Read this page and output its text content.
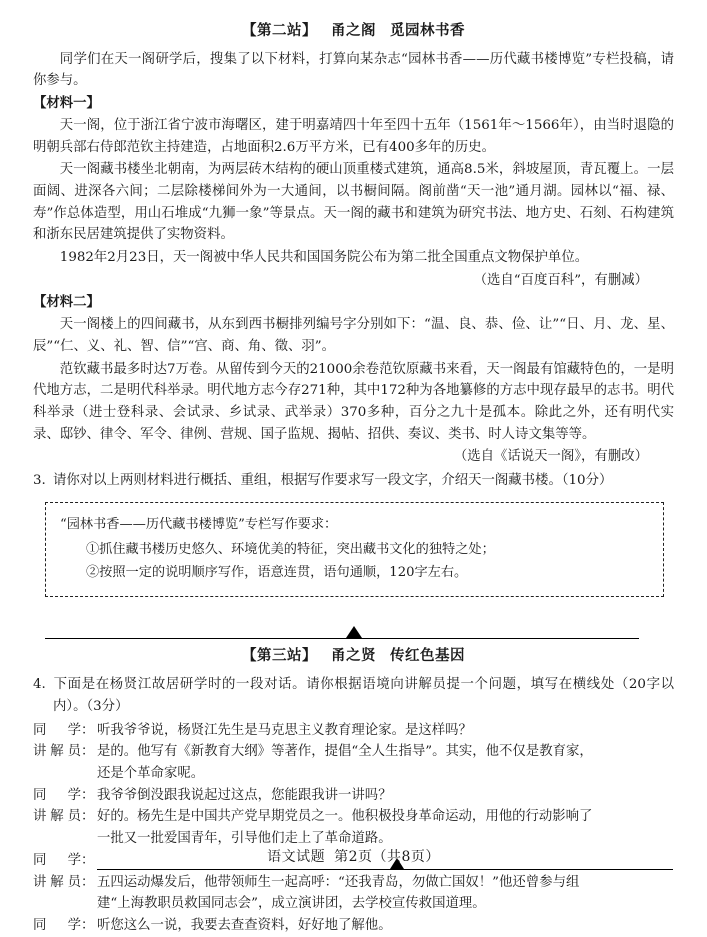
【第二站】 甬之阁 觅园林书香

同学们在天一阁研学后，搜集了以下材料，打算向某杂志“园林书香——历代藏书楼博览”专栏投稿，请你参与。

【材料一】

天一阁，位于浙江省宁波市海曙区，建于明嘉靖四十年至四十五年（1561年～1566年），由当时退隐的明朝兵部右侍郎范钦主持建造，占地面积2.6万平方米，已有400多年的历史。

天一阁藏书楼坐北朝南，为两层砖木结构的硬山顶重楼式建筑，通高8.5米，斜坡屋顶，青瓦覆上。一层面阔、进深各六间；二层除楼梯间外为一大通间，以书橱间隔。阁前凿“天一池”通月湖。园林以“福、禄、寿”作总体造型，用山石堆成“九狮一象”等景点。天一阁的藏书和建筑为研究书法、地方史、石刻、石构建筑和浙东民居建筑提供了实物资料。

1982年2月23日，天一阁被中华人民共和国国务院公布为第二批全国重点文物保护单位。

（选自“百度百科”，有删减）

【材料二】

天一阁楼上的四间藏书，从东到西书橱排列编号字分别如下：“温、良、恭、俭、让”“日、月、龙、星、辰”“仁、义、礼、智、信”“宫、商、角、徵、羽”。

范钦藏书最多时达7万卷。从留传到今天的21000余卷范钦原藏书来看，天一阁最有馆藏特色的，一是明代地方志，二是明代科举录。明代地方志今存271种，其中172种为各地纂修的方志中现存最早的志书。明代科举录（进士登科录、会试录、乡试录、武举录）370多种，百分之九十是孤本。除此之外，还有明代实录、邸钞、律令、军令、律例、营规、国子监规、揭帖、招供、奏议、类书、时人诗文集等等。

（选自《话说天一阁》，有删改）

3. 请你对以上两则材料进行概括、重组，根据写作要求写一段文字，介绍天一阁藏书楼。（10分）

“园林书香——历代藏书楼博览”专栏写作要求：

①抓住藏书楼历史悠久、环境优美的特征，突出藏书文化的独特之处；

②按照一定的说明顺序写作，语意连贯，语句通顺，120字左右。

【第三站】 甬之贤 传红色基因

4. 下面是在杨贤江故居研学时的一段对话。请你根据语境向讲解员提一个问题，填写在横线处（20字以内）。（3分）

同 学： 听我爷爷说，杨贤江先生是马克思主义教育理论家。是这样吗？
讲解员： 是的。他写有《新教育大纲》等著作，提倡“全人生指导”。其实，他不仅是教育家，
还是个革命家呢。
同 学： 我爷爷倒没跟我说起过这点，您能跟我讲一讲吗？
讲解员： 好的。杨先生是中国共产党早期党员之一。他积极投身革命运动，用他的行动影响了
一批又一批爱国青年，引导他们走上了革命道路。
同 学：
讲解员： 五四运动爆发后，他带领师生一起高呼：“还我青岛，勿做亡国奴！”他还曾参与组
建“上海教职员救国同志会”，成立演讲团，去学校宣传救国道理。
同 学： 听您这么一说，我要去查查资料，好好地了解他。
语文试题 第2页（共8页）
